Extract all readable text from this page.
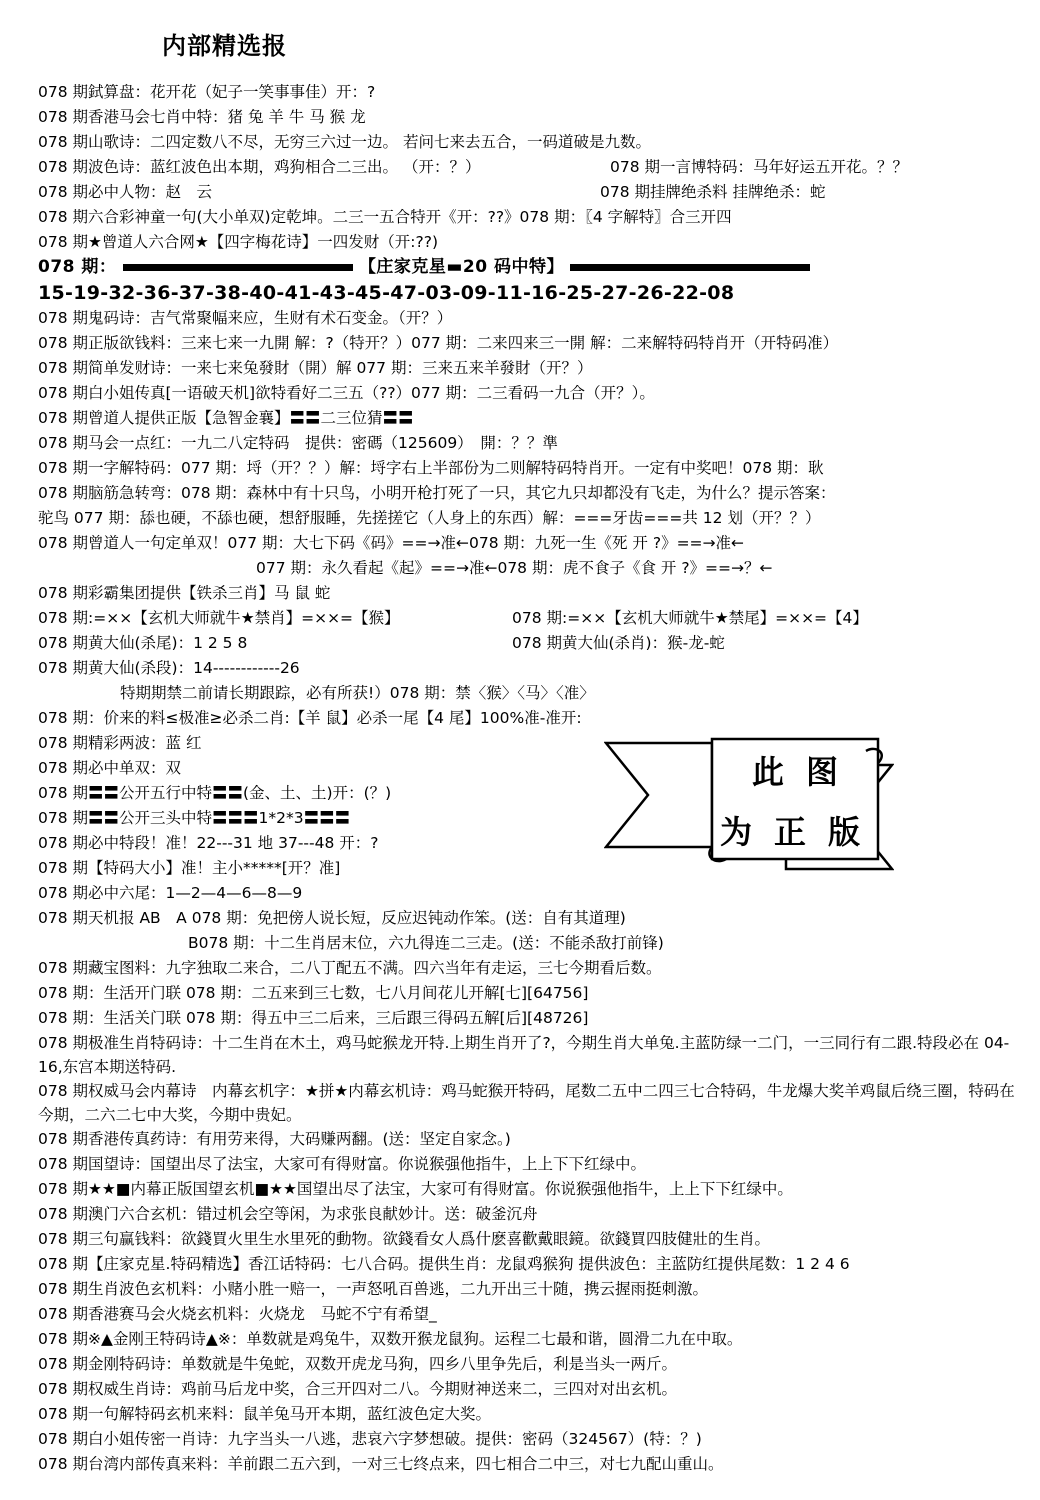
内部精选报
078 期鉽算盘：花开花（妃子一笑事事佳）开：?
078 期香港马会七肖中特：猪 兔 羊 牛 马 猴 龙
078 期山歌诗：二四定数八不尽，无穷三六过一边。 若问七来去五合，一码道破是九数。
078 期波色诗：蓝红波色出本期，鸡狗相合二三出。 （开：？）	078 期一言博特码：马年好运五开花。？？
078 期必中人物：赵　云	078 期挂牌绝杀料 挂牌绝杀：蛇
078 期六合彩神童一句(大小单双)定乾坤。二三一五合特开《开：??》078 期：〖4 字解特〗合三开四
078 期★曾道人六合网★【四字梅花诗】一四发财（开:??)
078 期：	【庄家克星▬20 码中特】
15-19-32-36-37-38-40-41-43-45-47-03-09-11-16-25-27-26-22-08
078 期鬼码诗：吉气常聚幅来应，生财有术石变金。（开？）
078 期正版欲钱料：三来七来一九開 解：?（特开？）077 期：二来四来三一開 解：二来解特码特肖开（开特码准）
078 期简单发财诗：一来七来兔發財（開）解 077 期：三来五来羊發財（开？）
078 期白小姐传真[一语破天机]欲特看好二三五（??）077 期：二三看码一九合（开？）。
078 期曾道人提供正版【急智金襄】〓〓二三位猜〓〓
078 期马会一点红：一九二八定特码　提供：密碼（125609）　開：？？準
078 期一字解特码：077 期：埒（开？？）解：埒字右上半部份为二则解特码特肖开。一定有中奖吧！078 期：耿
078 期脑筋急转弯：078 期：森林中有十只鸟，小明开枪打死了一只，其它九只却都没有飞走，为什么？提示答案：
驼鸟 077 期：舔也硬，不舔也硬，想舒服睡，先搓搓它（人身上的东西）解：===牙齿===共 12 划（开？？）
078 期曾道人一句定单双！077 期：大七下码《码》==→准←078 期：九死一生《死 开 ?》==→准←
077 期：永久看起《起》==→准←078 期：虎不食子《食 开 ?》==→？←
078 期彩霸集团提供【铁杀三肖】马 鼠 蛇
078 期:=××【玄机大师就牛★禁肖】=××=【猴】	078 期:=××【玄机大师就牛★禁尾】=××=【4】
078 期黄大仙(杀尾)：1 2 5 8	078 期黄大仙(杀肖)：猴-龙-蛇
078 期黄大仙(杀段)：14------------26
特期期禁二前请长期跟踪，必有所获!）078 期：禁〈猴〉〈马〉〈准〉
078 期：价来的料≤极准≥必杀二肖:【羊 鼠】必杀一尾【4 尾】100%准-准开:
078 期精彩两波：蓝 红
078 期必中单双：双
078 期〓〓公开五行中特〓〓(金、土、土)开：(？)
078 期〓〓公开三头中特〓〓〓1*2*3〓〓〓
078 期必中特段！准！22---31 地 37---48 开：?
078 期【特码大小】准！主小*****[开？准]
078 期必中六尾：1—2—4—6—8—9
078 期天机报 AB　A 078 期：免把傍人说长短，反应迟钝动作笨。(送：自有其道理)
B078 期：十二生肖居末位，六九得连二三走。(送：不能杀敌打前锋)
078 期藏宝图料：九字独取二来合，二八丁配五不满。四六当年有走运，三七今期看后数。
078 期：生活开门联 078 期：二五来到三七数，七八月间花儿开解[七][64756]
078 期：生活关门联 078 期：得五中三二后来，三后跟三得码五解[后][48726]
078 期极准生肖特码诗：十二生肖在木土，鸡马蛇猴龙开特.上期生肖开了?，今期生肖大单兔.主蓝防绿一二门，一三同行有二跟.特段必在 04-16,东宫本期送特码.
078 期权威马会内幕诗　内幕玄机字：★拼★内幕玄机诗：鸡马蛇猴开特码，尾数二五中二四三七合特码，牛龙爆大奖羊鸡鼠后绕三圈，特码在今期，二六二七中大奖，今期中贵妃。
078 期香港传真药诗：有用劳来得，大码赚两翻。(送：坚定自家念。)
078 期国望诗：国望出尽了法宝，大家可有得财富。你说猴强他指牛，上上下下红绿中。
078 期★★■内幕正版国望玄机■★★国望出尽了法宝，大家可有得财富。你说猴强他指牛，上上下下红绿中。
078 期澳门六合玄机：错过机会空等闲，为求张良献妙计。送：破釜沉舟
078 期三句赢钱料：欲錢買火里生水里死的動物。欲錢看女人爲什麽喜歡戴眼鏡。欲錢買四肢健壯的生肖。
078 期【庄家克星.特码精选】香江话特码：七八合码。提供生肖：龙鼠鸡猴狗 提供波色：主蓝防红提供尾数：1 2 4 6
078 期生肖波色玄机料：小赌小胜一赔一，一声怒吼百兽逃，二九开出三十随，携云握雨挺刺激。
078 期香港赛马会火烧玄机料：火烧龙　马蛇不宁有希望_
078 期※▲金刚王特码诗▲※：单数就是鸡兔牛，双数开猴龙鼠狗。运程二七最和谐，圆滑二九在中取。
078 期金刚特码诗：单数就是牛兔蛇，双数开虎龙马狗，四乡八里争先后，利是当头一两斤。
078 期权威生肖诗：鸡前马后龙中奖，合三开四对二八。今期财神送来二，三四对对出玄机。
078 期一句解特码玄机来料：鼠羊兔马开本期，蓝红波色定大奖。
078 期白小姐传密一肖诗：九字当头一八逃，悲哀六字梦想破。提供：密码（324567）(特：？)
078 期台湾内部传真来料：羊前跟二五六到，一对三七终点来，四七相合二中三，对七九配山重山。
此图
为正版
